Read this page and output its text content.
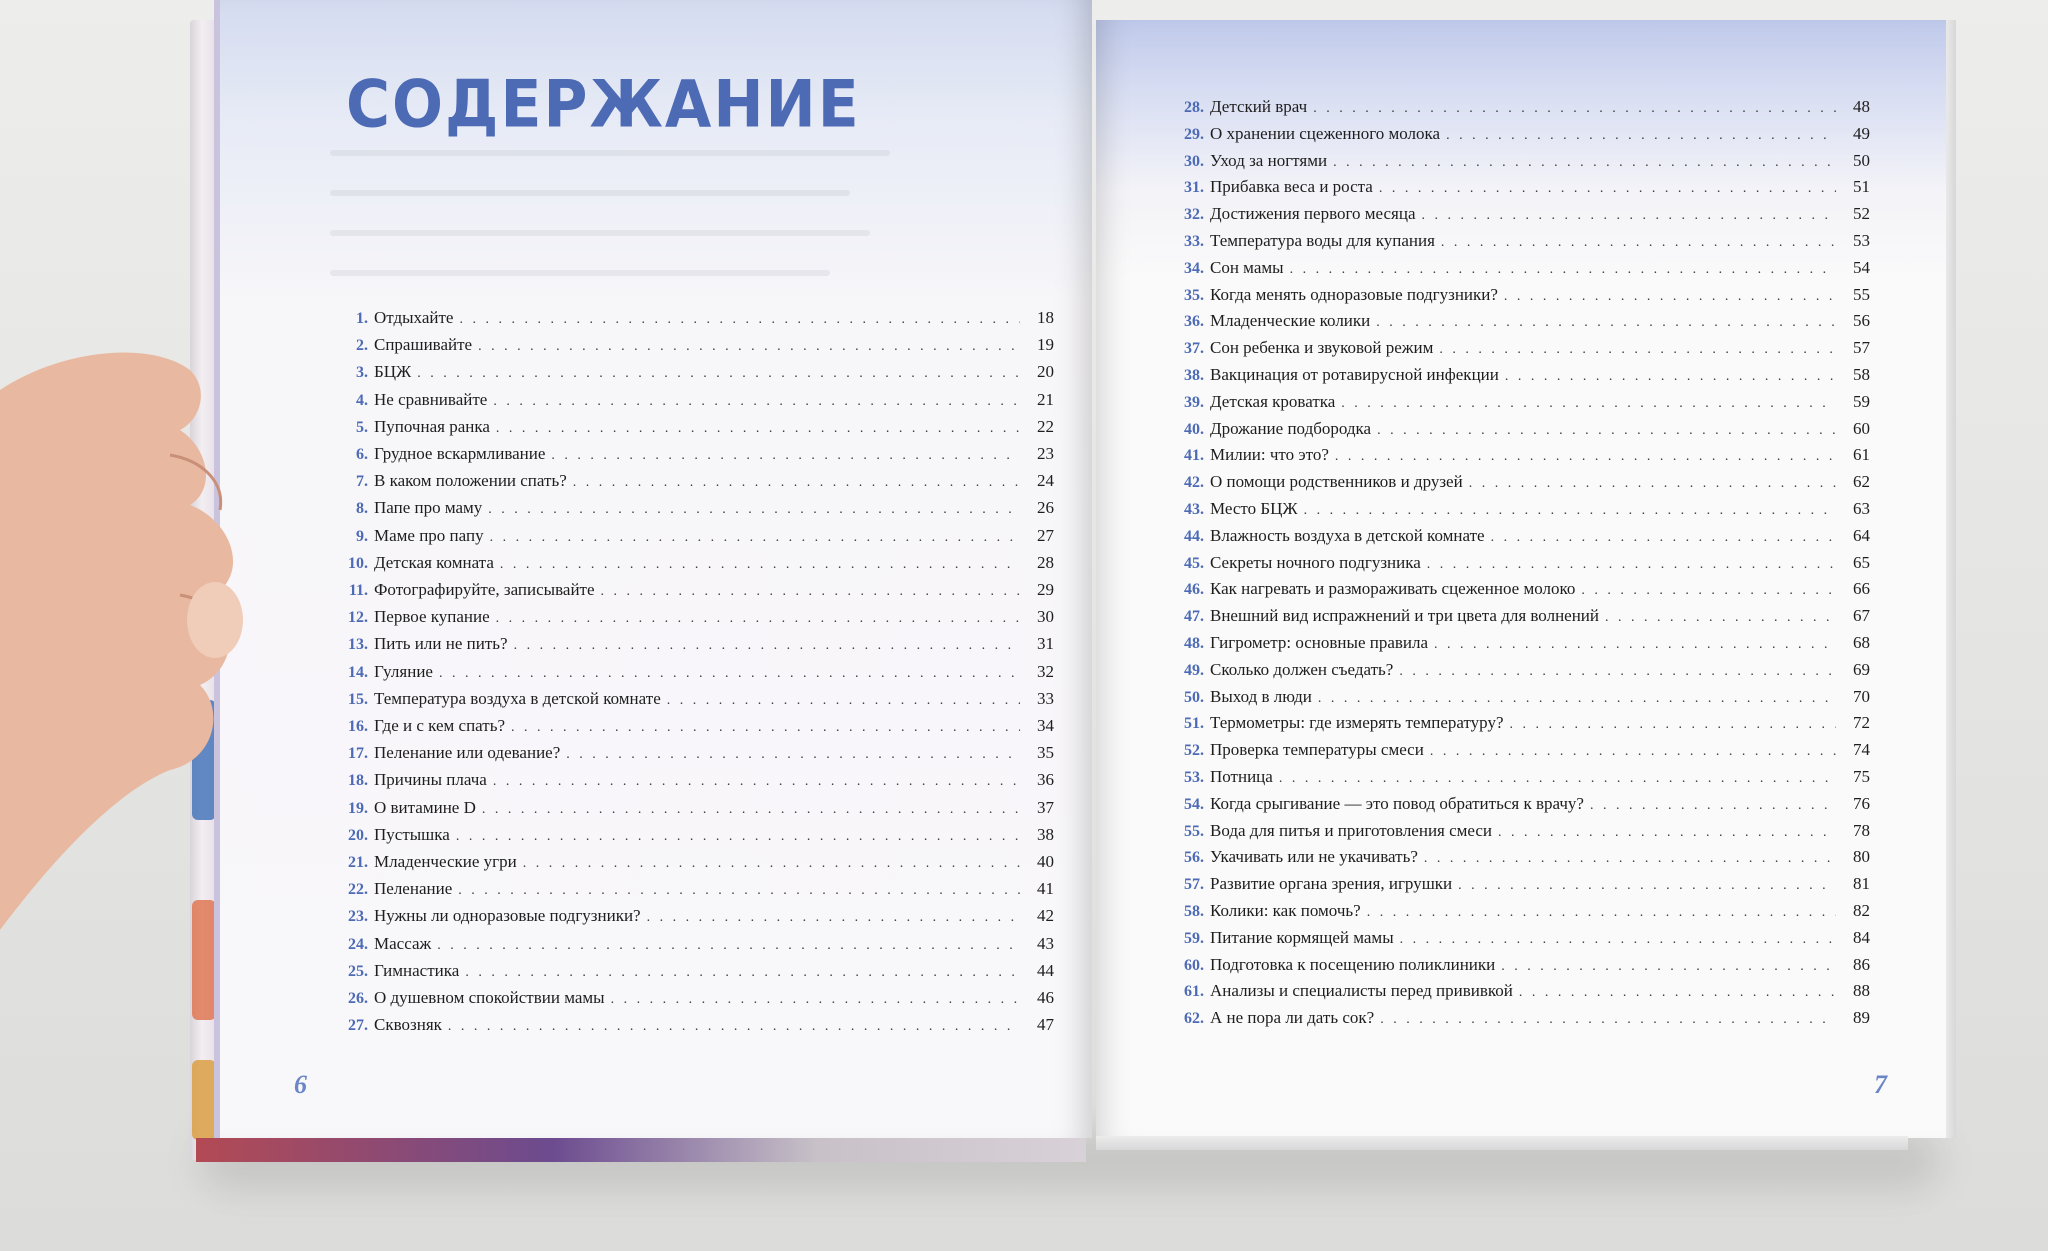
СОДЕРЖАНИЕ
1. Отдыхайте . . .	18
2. Спрашивайте . . .	19
3. БЦЖ . . .	20
4. Не сравнивайте . . .	21
5. Пупочная ранка . . .	22
6. Грудное вскармливание . . .	23
7. В каком положении спать? . . .	24
8. Папе про маму . . .	26
9. Маме про папу . . .	27
10. Детская комната . . .	28
11. Фотографируйте, записывайте . . .	29
12. Первое купание . . .	30
13. Пить или не пить? . . .	31
14. Гуляние . . .	32
15. Температура воздуха в детской комнате . . .	33
16. Где и с кем спать? . . .	34
17. Пеленание или одевание? . . .	35
18. Причины плача . . .	36
19. О витамине D . . .	37
20. Пустышка . . .	38
21. Младенческие угри . . .	40
22. Пеленание . . .	41
23. Нужны ли одноразовые подгузники? . . .	42
24. Массаж . . .	43
25. Гимнастика . . .	44
26. О душевном спокойствии мамы . . .	46
27. Сквозняк . . .	47
28. Детский врач . . .	48
29. О хранении сцеженного молока . . .	49
30. Уход за ногтями . . .	50
31. Прибавка веса и роста . . .	51
32. Достижения первого месяца . . .	52
33. Температура воды для купания . . .	53
34. Сон мамы . . .	54
35. Когда менять одноразовые подгузники? . . .	55
36. Младенческие колики . . .	56
37. Сон ребенка и звуковой режим . . .	57
38. Вакцинация от ротавирусной инфекции . . .	58
39. Детская кроватка . . .	59
40. Дрожание подбородка . . .	60
41. Милии: что это? . . .	61
42. О помощи родственников и друзей . . .	62
43. Место БЦЖ . . .	63
44. Влажность воздуха в детской комнате . . .	64
45. Секреты ночного подгузника . . .	65
46. Как нагревать и размораживать сцеженное молоко . . .	66
47. Внешний вид испражнений и три цвета для волнений . . .	67
48. Гигрометр: основные правила . . .	68
49. Сколько должен съедать? . . .	69
50. Выход в люди . . .	70
51. Термометры: где измерять температуру? . . .	72
52. Проверка температуры смеси . . .	74
53. Потница . . .	75
54. Когда срыгивание — это повод обратиться к врачу? . . .	76
55. Вода для питья и приготовления смеси . . .	78
56. Укачивать или не укачивать? . . .	80
57. Развитие органа зрения, игрушки . . .	81
58. Колики: как помочь? . . .	82
59. Питание кормящей мамы . . .	84
60. Подготовка к посещению поликлиники . . .	86
61. Анализы и специалисты перед прививкой . . .	88
62. А не пора ли дать сок? . . .	89
6	7
